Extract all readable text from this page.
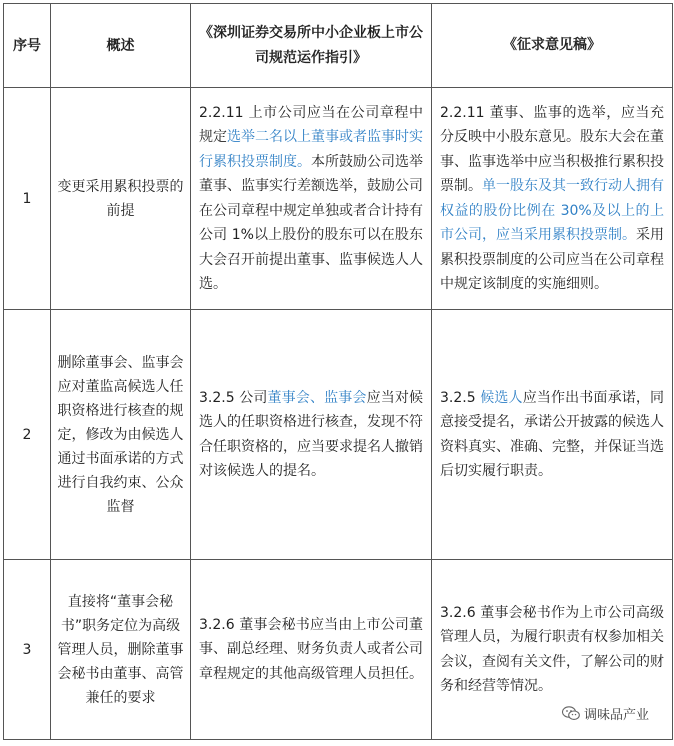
序号	概述	《深圳证券交易所中小企业板上市公司规范运作指引》	《征求意见稿》
1	变更采用累积投票的前提	2.2.11 上市公司应当在公司章程中规定选举二名以上董事或者监事时实行累积投票制度。本所鼓励公司选举董事、监事实行差额选举，鼓励公司在公司章程中规定单独或者合计持有公司 1%以上股份的股东可以在股东大会召开前提出董事、监事候选人人选。	2.2.11 董事、监事的选举，应当充分反映中小股东意见。股东大会在董事、监事选举中应当积极推行累积投票制。单一股东及其一致行动人拥有权益的股份比例在 30%及以上的上市公司，应当采用累积投票制。采用累积投票制度的公司应当在公司章程中规定该制度的实施细则。
2	删除董事会、监事会应对董监高候选人任职资格进行核查的规定，修改为由候选人通过书面承诺的方式进行自我约束、公众监督	3.2.5 公司董事会、监事会应当对候选人的任职资格进行核查，发现不符合任职资格的，应当要求提名人撤销对该候选人的提名。	3.2.5 候选人应当作出书面承诺，同意接受提名，承诺公开披露的候选人资料真实、准确、完整，并保证当选后切实履行职责。
3	直接将“董事会秘书”职务定位为高级管理人员，删除董事会秘书由董事、高管兼任的要求	3.2.6 董事会秘书应当由上市公司董事、副总经理、财务负责人或者公司章程规定的其他高级管理人员担任。	3.2.6 董事会秘书作为上市公司高级管理人员，为履行职责有权参加相关会议，查阅有关文件，了解公司的财务和经营等情况。
调味品产业
